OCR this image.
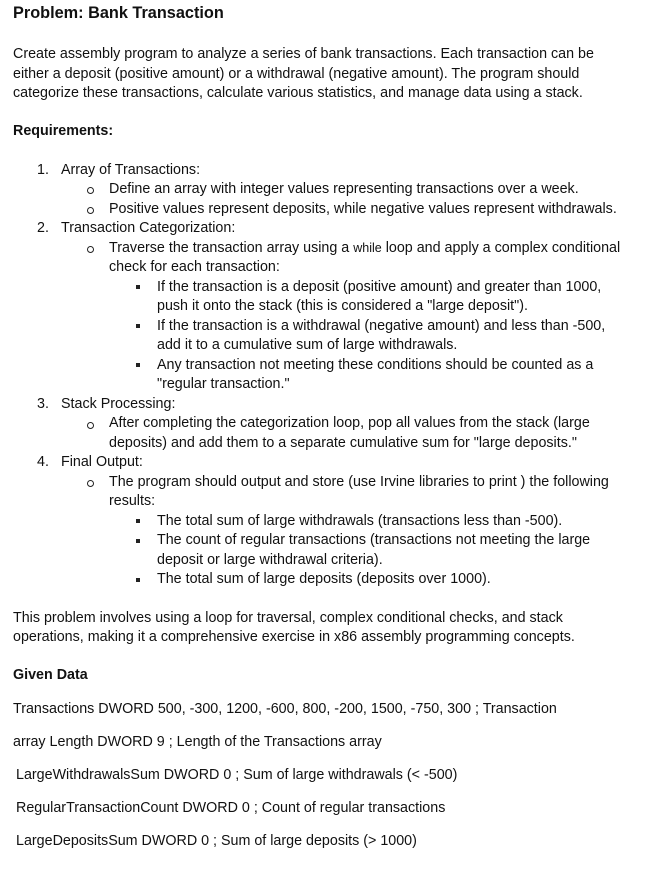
Problem: Bank Transaction
Create assembly program to analyze a series of bank transactions. Each transaction can be
either a deposit (positive amount) or a withdrawal (negative amount). The program should
categorize these transactions, calculate various statistics, and manage data using a stack.
Requirements:
1. Array of Transactions:
Define an array with integer values representing transactions over a week.
Positive values represent deposits, while negative values represent withdrawals.
2. Transaction Categorization:
Traverse the transaction array using a while loop and apply a complex conditional
check for each transaction:
If the transaction is a deposit (positive amount) and greater than 1000,
push it onto the stack (this is considered a "large deposit").
If the transaction is a withdrawal (negative amount) and less than -500,
add it to a cumulative sum of large withdrawals.
Any transaction not meeting these conditions should be counted as a
"regular transaction."
3. Stack Processing:
After completing the categorization loop, pop all values from the stack (large
deposits) and add them to a separate cumulative sum for "large deposits."
4. Final Output:
The program should output and store (use Irvine libraries to print ) the following
results:
The total sum of large withdrawals (transactions less than -500).
The count of regular transactions (transactions not meeting the large
deposit or large withdrawal criteria).
The total sum of large deposits (deposits over 1000).
This problem involves using a loop for traversal, complex conditional checks, and stack
operations, making it a comprehensive exercise in x86 assembly programming concepts.
Given Data
Transactions DWORD 500, -300, 1200, -600, 800, -200, 1500, -750, 300 ; Transaction
array Length DWORD 9 ; Length of the Transactions array
LargeWithdrawalsSum DWORD 0 ; Sum of large withdrawals (< -500)
RegularTransactionCount DWORD 0 ; Count of regular transactions
LargeDepositsSum DWORD 0 ; Sum of large deposits (> 1000)
